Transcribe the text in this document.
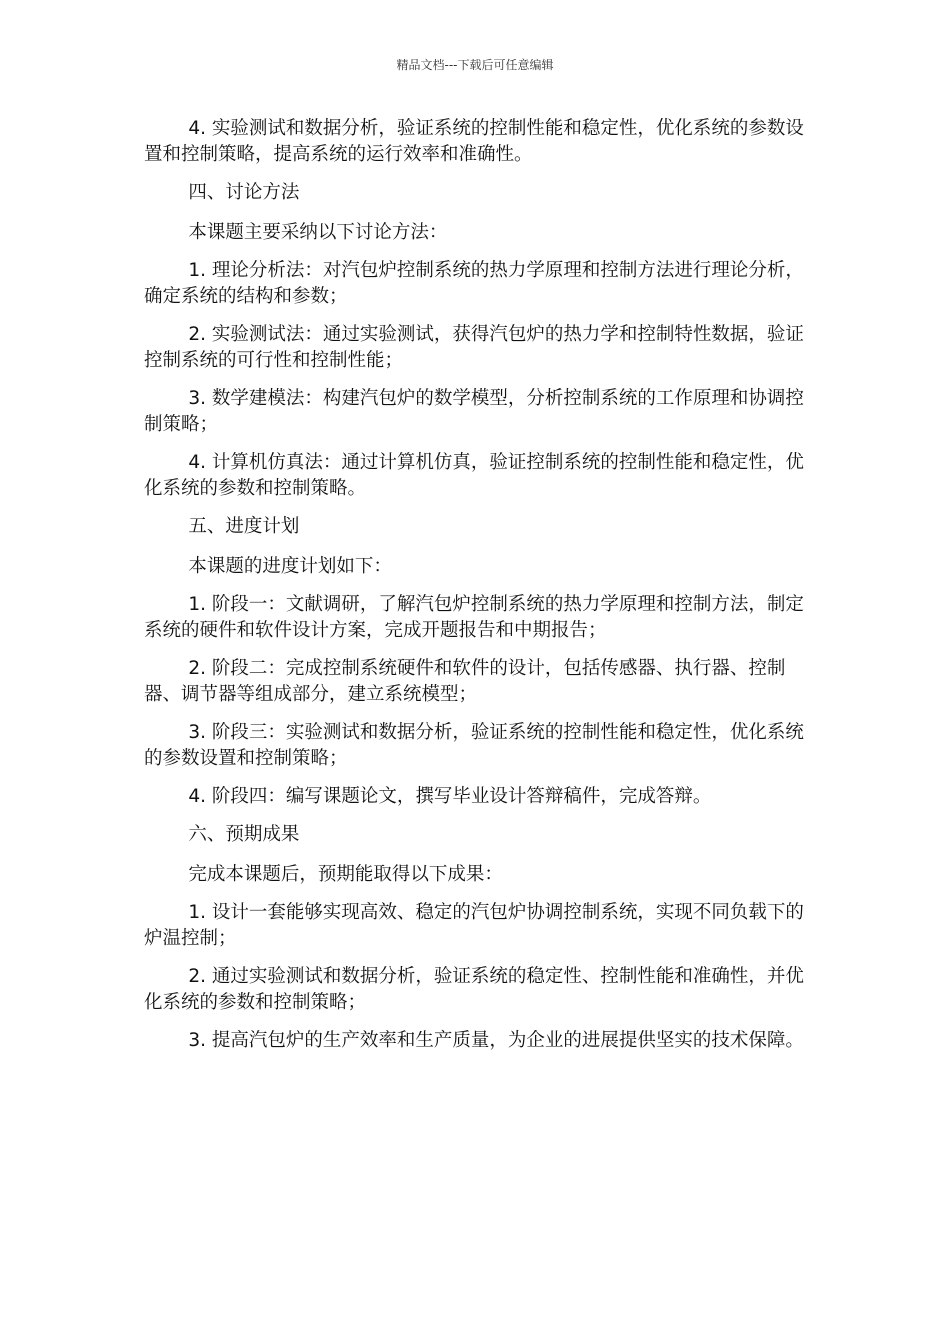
精品文档---下载后可任意编辑

4. 实验测试和数据分析，验证系统的控制性能和稳定性，优化系统的参数设置和控制策略，提高系统的运行效率和准确性。

四、讨论方法

本课题主要采纳以下讨论方法：

1. 理论分析法：对汽包炉控制系统的热力学原理和控制方法进行理论分析，确定系统的结构和参数；

2. 实验测试法：通过实验测试，获得汽包炉的热力学和控制特性数据，验证控制系统的可行性和控制性能；

3. 数学建模法：构建汽包炉的数学模型，分析控制系统的工作原理和协调控制策略；

4. 计算机仿真法：通过计算机仿真，验证控制系统的控制性能和稳定性，优化系统的参数和控制策略。

五、进度计划

本课题的进度计划如下：

1. 阶段一：文献调研，了解汽包炉控制系统的热力学原理和控制方法，制定系统的硬件和软件设计方案，完成开题报告和中期报告；

2. 阶段二：完成控制系统硬件和软件的设计，包括传感器、执行器、控制器、调节器等组成部分，建立系统模型；

3. 阶段三：实验测试和数据分析，验证系统的控制性能和稳定性，优化系统的参数设置和控制策略；

4. 阶段四：编写课题论文，撰写毕业设计答辩稿件，完成答辩。

六、预期成果

完成本课题后，预期能取得以下成果：

1. 设计一套能够实现高效、稳定的汽包炉协调控制系统，实现不同负载下的炉温控制；

2. 通过实验测试和数据分析，验证系统的稳定性、控制性能和准确性，并优化系统的参数和控制策略；

3. 提高汽包炉的生产效率和生产质量，为企业的进展提供坚实的技术保障。
